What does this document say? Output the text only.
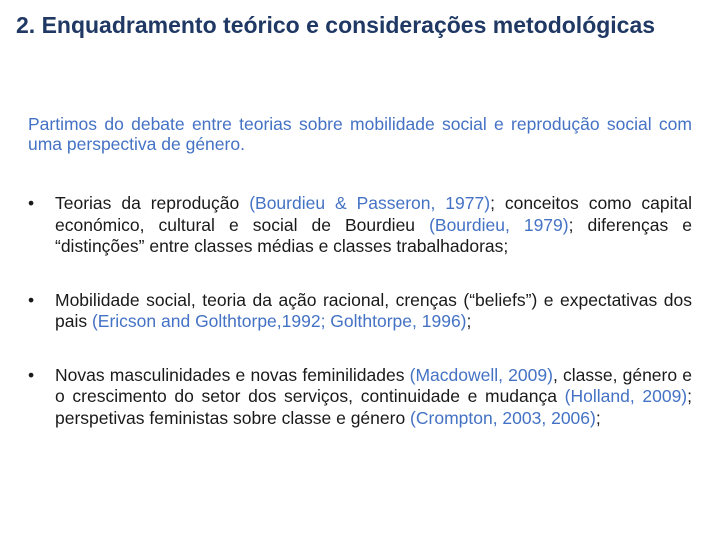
2. Enquadramento teórico e considerações metodológicas

Partimos do debate entre teorias sobre mobilidade social e reprodução social com uma perspectiva de género.

• Teorias da reprodução (Bourdieu & Passeron, 1977); conceitos como capital económico, cultural e social de Bourdieu (Bourdieu, 1979); diferenças e “distinções” entre classes médias e classes trabalhadoras;
• Mobilidade social, teoria da ação racional, crenças (“beliefs”) e expectativas dos pais (Ericson and Golthtorpe,1992; Golthtorpe, 1996);
• Novas masculinidades e novas feminilidades (Macdowell, 2009), classe, género e o crescimento do setor dos serviços, continuidade e mudança (Holland, 2009); perspetivas feministas sobre classe e género (Crompton, 2003, 2006);
